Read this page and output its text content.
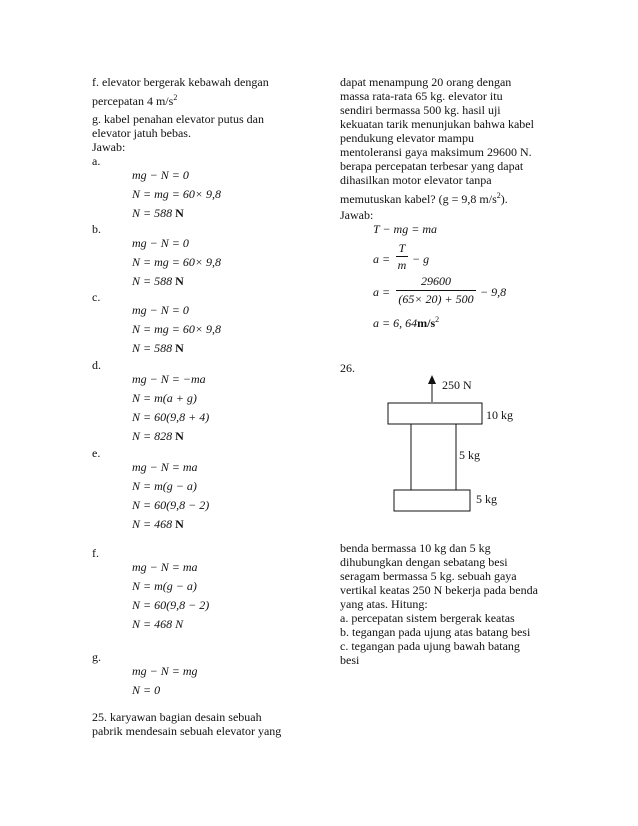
f. elevator bergerak kebawah dengan
percepatan 4 $m/s^2$
g. kabel penahan elevator putus dan
elevator jatuh bebas.
Jawab:
a.
mg − N = 0
N = mg = 60× 9,8
N = 588 N
b.
mg − N = 0
N = mg = 60× 9,8
N = 588 N
c.
mg − N = 0
N = mg = 60× 9,8
N = 588 N
d.
mg − N = −ma
N = m(a + g)
N = 60(9,8 + 4)
N = 828 N
e.
mg − N = ma
N = m(g − a)
N = 60(9,8 − 2)
N = 468 N
f.
mg − N = ma
N = m(g − a)
N = 60(9,8 − 2)
N = 468 N
g.
mg − N = mg
N = 0
25. karyawan bagian desain sebuah
pabrik mendesain sebuah elevator yang
dapat menampung 20 orang dengan
massa rata-rata 65 kg. elevator itu
sendiri bermassa 500 kg. hasil uji
kekuatan tarik menunjukan bahwa kabel
pendukung elevator mampu
mentoleransi gaya maksimum 29600 N.
berapa percepatan terbesar yang dapat
dihasilkan motor elevator tanpa
memutuskan kabel? (g = 9,8 $m/s^2$).
Jawab:
T − mg = ma
a =
T
m − g
a =
29600
(65× 20) + 500 − 9,8
a = 6, $64m/s^2$
26.
250 N
10 kg
5 kg
5 kg
benda bermassa 10 kg dan 5 kg
dihubungkan dengan sebatang besi
seragam bermassa 5 kg. sebuah gaya
vertikal keatas 250 N bekerja pada benda
yang atas. Hitung:
a. percepatan sistem bergerak keatas
b. tegangan pada ujung atas batang besi
c. tegangan pada ujung bawah batang
besi
